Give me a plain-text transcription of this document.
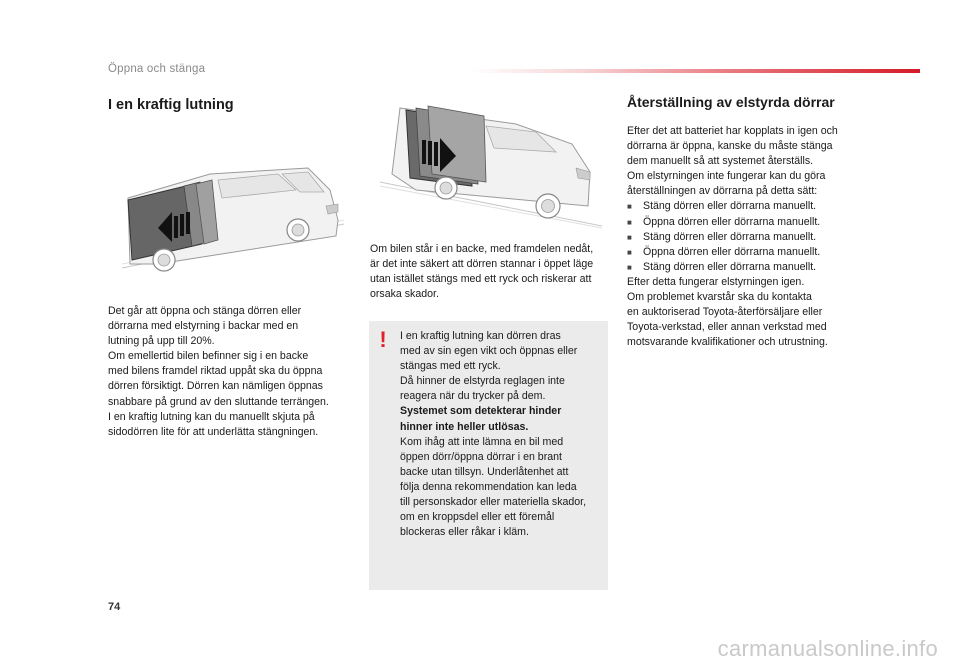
Öppna och stänga
I en kraftig lutning
Det går att öppna och stänga dörren eller
dörrarna med elstyrning i backar med en
lutning på upp till 20%.
Om emellertid bilen befinner sig i en backe
med bilens framdel riktad uppåt ska du öppna
dörren försiktigt. Dörren kan nämligen öppnas
snabbare på grund av den sluttande terrängen.
I en kraftig lutning kan du manuellt skjuta på
sidodörren lite för att underlätta stängningen.
Om bilen står i en backe, med framdelen nedåt,
är det inte säkert att dörren stannar i öppet läge
utan istället stängs med ett ryck och riskerar att
orsaka skador.
!	I en kraftig lutning kan dörren dras
med av sin egen vikt och öppnas eller
stängas med ett ryck.
Då hinner de elstyrda reglagen inte
reagera när du trycker på dem.
Systemet som detekterar hinder
hinner inte heller utlösas.
Kom ihåg att inte lämna en bil med
öppen dörr/öppna dörrar i en brant
backe utan tillsyn. Underlåtenhet att
följa denna rekommendation kan leda
till personskador eller materiella skador,
om en kroppsdel eller ett föremål
blockeras eller råkar i kläm.
Återställning av elstyrda dörrar
Efter det att batteriet har kopplats in igen och
dörrarna är öppna, kanske du måste stänga
dem manuellt så att systemet återställs.
Om elstyrningen inte fungerar kan du göra
återställningen av dörrarna på detta sätt:
■ Stäng dörren eller dörrarna manuellt.
■ Öppna dörren eller dörrarna manuellt.
■ Stäng dörren eller dörrarna manuellt.
■ Öppna dörren eller dörrarna manuellt.
■ Stäng dörren eller dörrarna manuellt.
Efter detta fungerar elstyrningen igen.
Om problemet kvarstår ska du kontakta
en auktoriserad Toyota-återförsäljare eller
Toyota-verkstad, eller annan verkstad med
motsvarande kvalifikationer och utrustning.
74
carmanualsonline.info
